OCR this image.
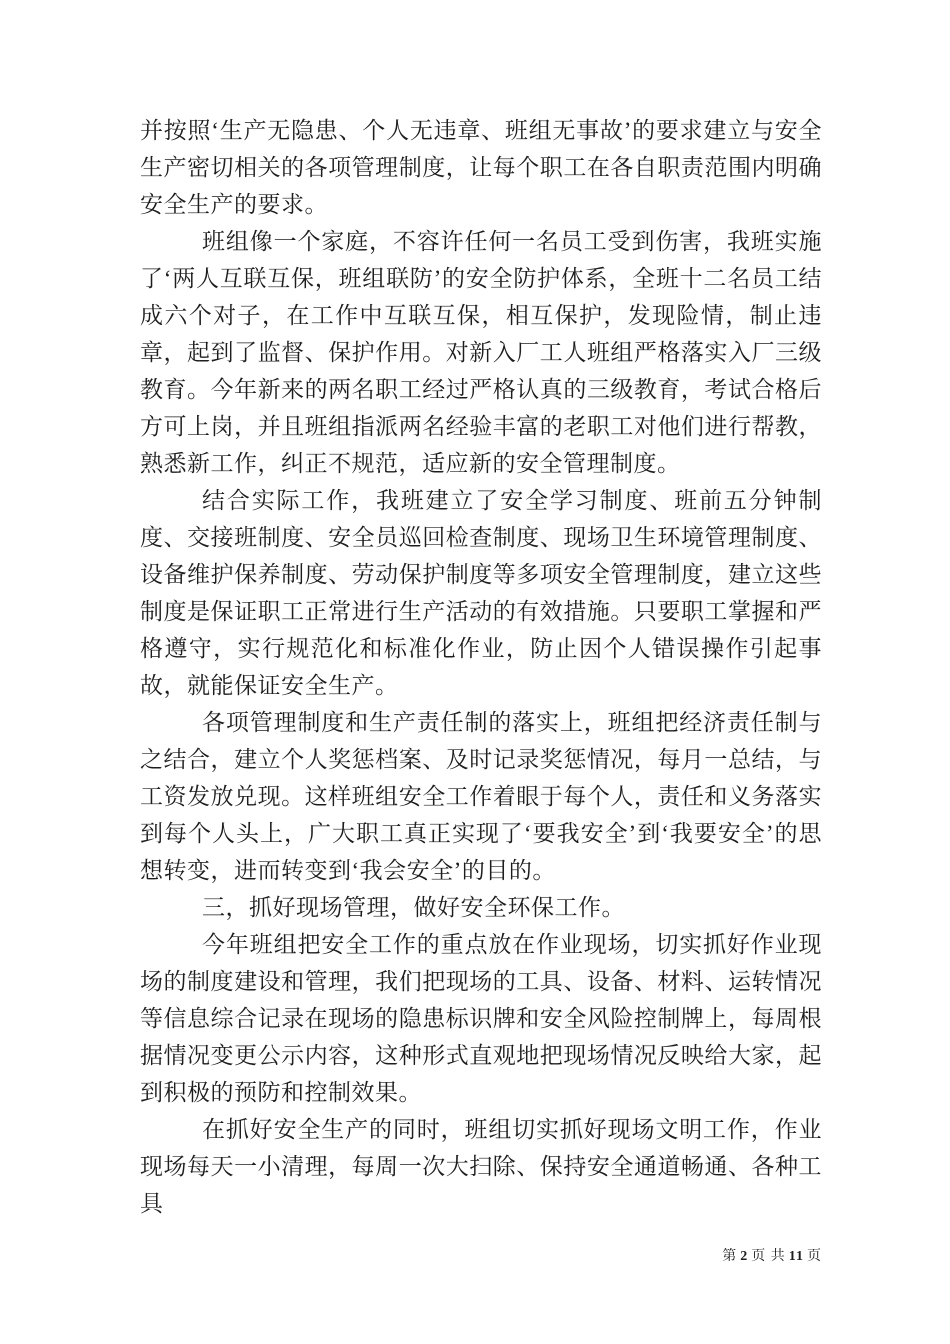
并按照‘生产无隐患、个人无违章、班组无事故’的要求建立与安全生产密切相关的各项管理制度，让每个职工在各自职责范围内明确安全生产的要求。

班组像一个家庭，不容许任何一名员工受到伤害，我班实施了‘两人互联互保，班组联防’的安全防护体系，全班十二名员工结成六个对子，在工作中互联互保，相互保护，发现险情，制止违章，起到了监督、保护作用。对新入厂工人班组严格落实入厂三级教育。今年新来的两名职工经过严格认真的三级教育，考试合格后方可上岗，并且班组指派两名经验丰富的老职工对他们进行帮教，熟悉新工作，纠正不规范，适应新的安全管理制度。

结合实际工作，我班建立了安全学习制度、班前五分钟制度、交接班制度、安全员巡回检查制度、现场卫生环境管理制度、设备维护保养制度、劳动保护制度等多项安全管理制度，建立这些制度是保证职工正常进行生产活动的有效措施。只要职工掌握和严格遵守，实行规范化和标准化作业，防止因个人错误操作引起事故，就能保证安全生产。

各项管理制度和生产责任制的落实上，班组把经济责任制与之结合，建立个人奖惩档案、及时记录奖惩情况，每月一总结，与工资发放兑现。这样班组安全工作着眼于每个人，责任和义务落实到每个人头上，广大职工真正实现了‘要我安全’到‘我要安全’的思想转变，进而转变到‘我会安全’的目的。

三，抓好现场管理，做好安全环保工作。

今年班组把安全工作的重点放在作业现场，切实抓好作业现场的制度建设和管理，我们把现场的工具、设备、材料、运转情况等信息综合记录在现场的隐患标识牌和安全风险控制牌上，每周根据情况变更公示内容，这种形式直观地把现场情况反映给大家，起到积极的预防和控制效果。

在抓好安全生产的同时，班组切实抓好现场文明工作，作业现场每天一小清理，每周一次大扫除、保持安全通道畅通、各种工具

第 2 页 共 11 页
